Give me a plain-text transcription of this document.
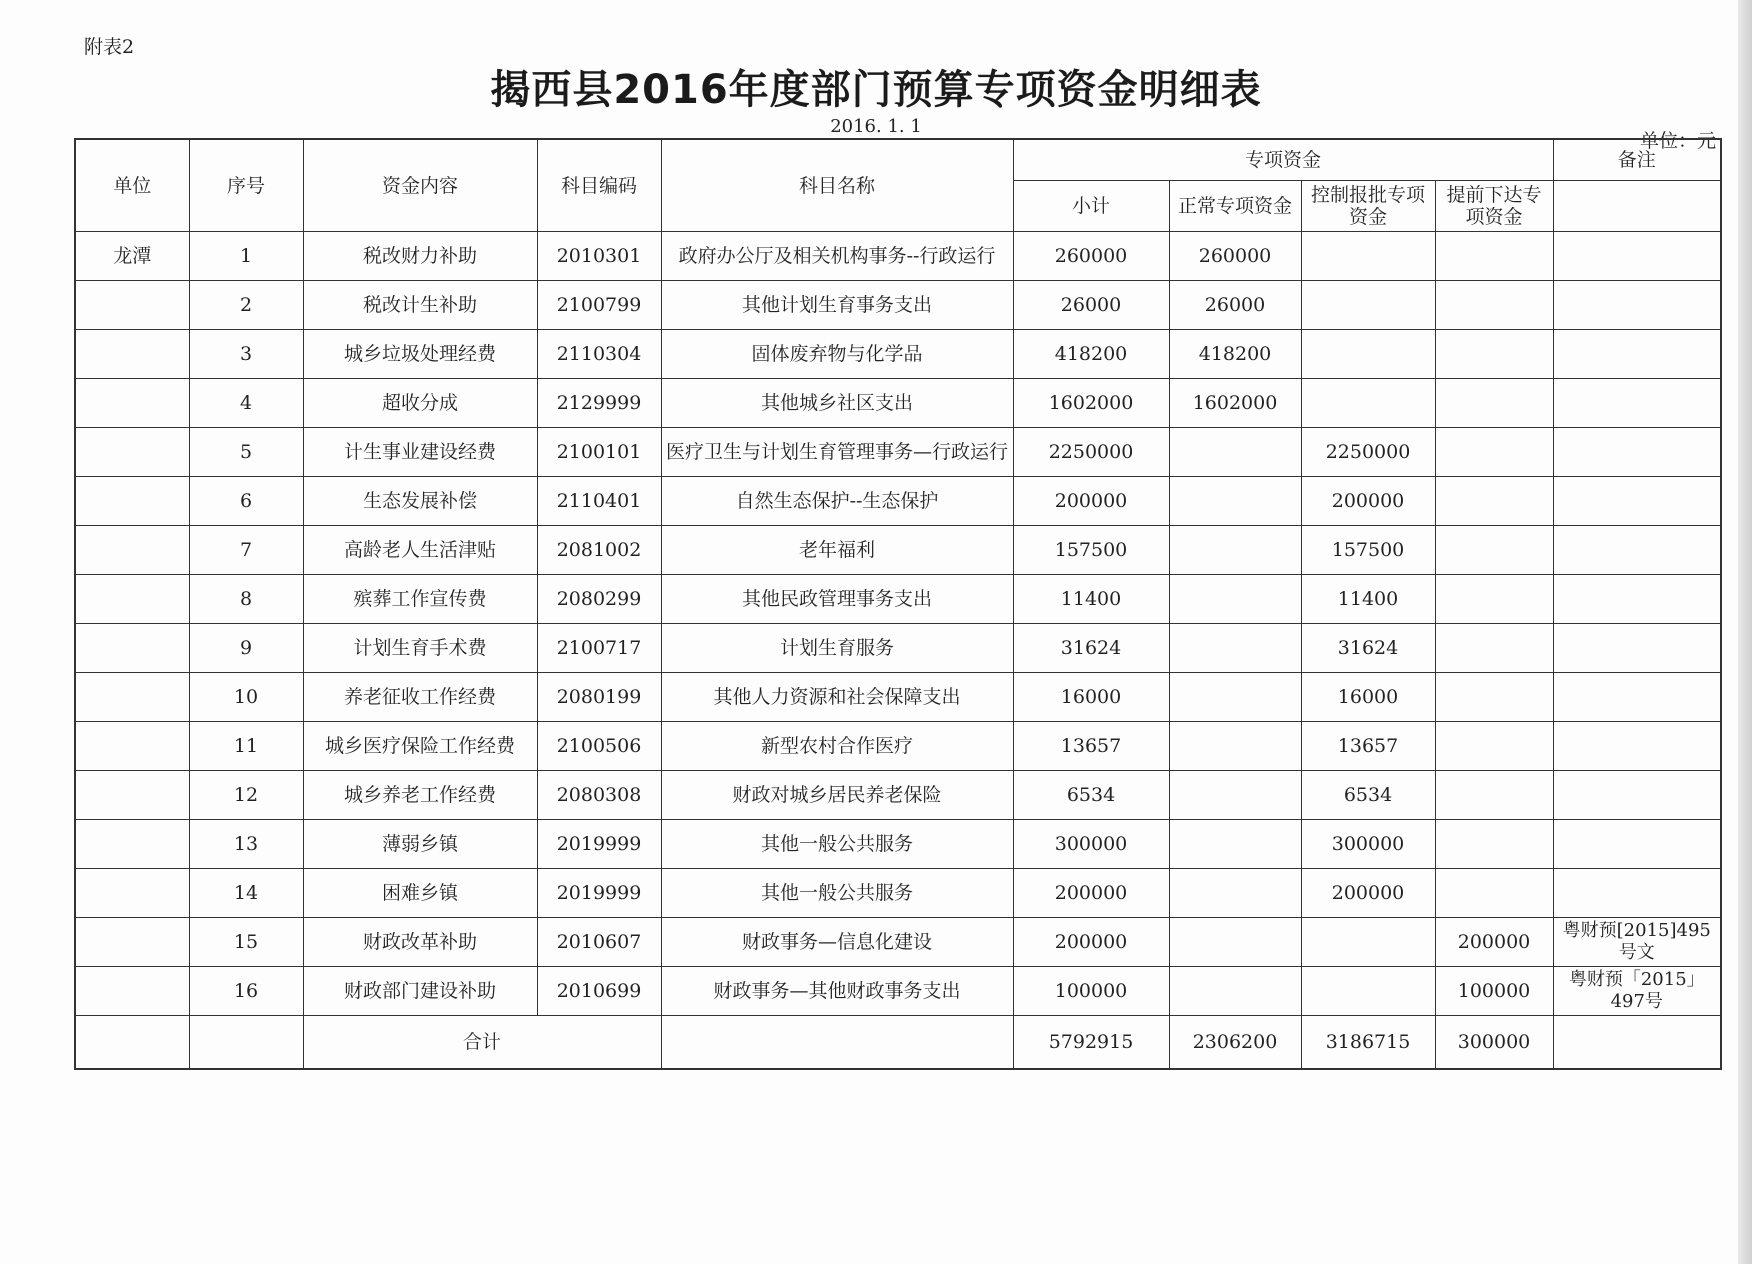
附表2
揭西县2016年度部门预算专项资金明细表
2016. 1. 1
单位：元
单位	序号	资金内容	科目编码	科目名称	专项资金				备注
					小计	正常专项资金	控制报批专项资金	提前下达专项资金	
龙潭	1	税改财力补助	2010301	政府办公厅及相关机构事务--行政运行	260000	260000			
	2	税改计生补助	2100799	其他计划生育事务支出	26000	26000			
	3	城乡垃圾处理经费	2110304	固体废弃物与化学品	418200	418200			
	4	超收分成	2129999	其他城乡社区支出	1602000	1602000			
	5	计生事业建设经费	2100101	医疗卫生与计划生育管理事务—行政运行	2250000		2250000		
	6	生态发展补偿	2110401	自然生态保护--生态保护	200000		200000		
	7	高龄老人生活津贴	2081002	老年福利	157500		157500		
	8	殡葬工作宣传费	2080299	其他民政管理事务支出	11400		11400		
	9	计划生育手术费	2100717	计划生育服务	31624		31624		
	10	养老征收工作经费	2080199	其他人力资源和社会保障支出	16000		16000		
	11	城乡医疗保险工作经费	2100506	新型农村合作医疗	13657		13657		
	12	城乡养老工作经费	2080308	财政对城乡居民养老保险	6534		6534		
	13	薄弱乡镇	2019999	其他一般公共服务	300000		300000		
	14	困难乡镇	2019999	其他一般公共服务	200000		200000		
	15	财政改革补助	2010607	财政事务—信息化建设	200000			200000	粤财预[2015]495号文
	16	财政部门建设补助	2010699	财政事务—其他财政事务支出	100000			100000	粤财预「2015」497号
		合计			5792915	2306200	3186715	300000	
